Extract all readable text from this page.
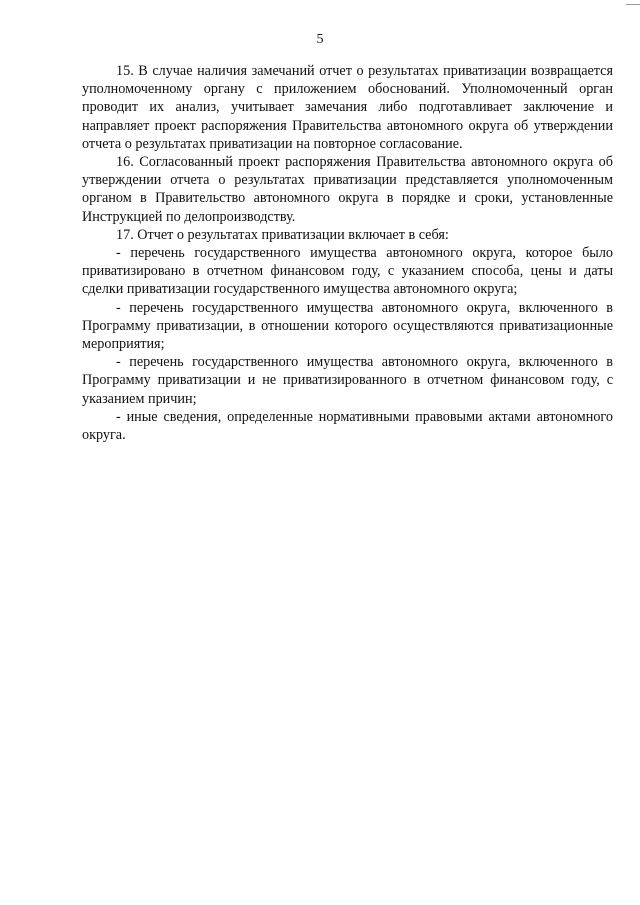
5

15. В случае наличия замечаний отчет о результатах приватизации возвращается уполномоченному органу с приложением обоснований. Уполномоченный орган проводит их анализ, учитывает замечания либо подготавливает заключение и направляет проект распоряжения Правительства автономного округа об утверждении отчета о результатах приватизации на повторное согласование.

16. Согласованный проект распоряжения Правительства автономного округа об утверждении отчета о результатах приватизации представляется уполномоченным органом в Правительство автономного округа в порядке и сроки, установленные Инструкцией по делопроизводству.

17. Отчет о результатах приватизации включает в себя:

- перечень государственного имущества автономного округа, которое было приватизировано в отчетном финансовом году, с указанием способа, цены и даты сделки приватизации государственного имущества автономного округа;

- перечень государственного имущества автономного округа, включенного в Программу приватизации, в отношении которого осуществляются приватизационные мероприятия;

- перечень государственного имущества автономного округа, включенного в Программу приватизации и не приватизированного в отчетном финансовом году, с указанием причин;

- иные сведения, определенные нормативными правовыми актами автономного округа.
